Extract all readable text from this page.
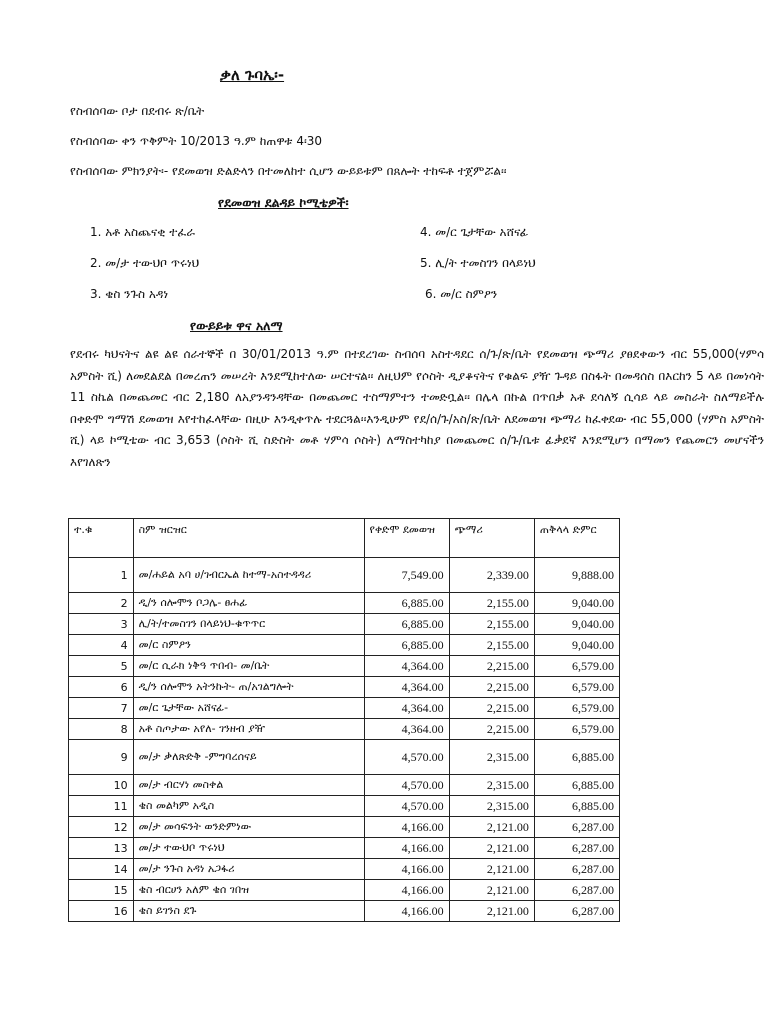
ቃለ ጉባኤ፡-
የስብሰባው ቦታ በደብሩ ጽ/ቤት
የስብሰባው ቀን ጥቅምት 10/2013 ዓ.ም ከጠዋቱ 4፡30
የስብሰባው ምክንያት፡- የደመወዝ ድልድላን በተመለከተ ሲሆን ውይይቱም በጸሎት ተከፍቶ ተጀምሯል፡፡
የደመወዝ ደልዳይ ኮሚቴዎች፡
1. አቶ አስጨናቂ ተፈራ
2. መ/ታ ተውህቦ ጥሩነህ
3. ቄስ ንጉስ አዳነ
4. መ/ር ጌታቸው አሸናፊ
5. ሊ/ት ተመስገን በላይነህ
6. መ/ር ስምዖን
የውይይቱ ዋና አለማ
የደብሩ ካህናትና ልዩ ልዩ ሰራተኞች በ 30/01/2013 ዓ.ም በተደረገው ስብሰባ አስተዳደር ሰ/ጉ/ጽ/ቤት የደመወዝ ጭማሪ ያፀደቀውን ብር 55,000(ሃምሳ አምስት ሺ) ለመደልደል በመረጠን መሠረት እንደሚከተለው ሠርተናል፡፡ ለዚህም የሶስት ዲያቆናትና የቁልፍ ያዥ ጉዳይ በስፋት በመዳሰስ በእርከን 5 ላይ በመነሳት 11 ስኬል በመጨመር ብር 2,180 ለአያንዳንዳቸው በመጨመር ተስማምተን ተመድቧል፡፡ በሌላ በኩል በጥበቃ አቶ ደሳለኝ ሲሳይ ላይ መስራት ስለማይችሉ በቀድሞ ግማሽ ደመወዝ እየተከፈላቸው በዚሁ እንዲቀጥሉ ተደርጓል፡፡እንዲሁም የደ/ሰ/ጉ/አስ/ጽ/ቤት ለደመወዝ ጭማሪ ከፈቀደው ብር 55,000 (ሃምስ አምስት ሺ) ላይ ኮሚቴው ብር 3,653 (ሶስት ሺ ስድስት መቶ ሃምሳ ሶስት) ለማስተካከያ በመጨመር ሰ/ጉ/ቤቱ ፊቃደኛ እንደሚሆን በማመን የጨመርን መሆናችን እየገለጽን
ተ.ቁ	ስም ዝርዝር	የቀድሞ ደመወዝ	ጭማሪ	ጠቅላላ ድምር
1	መ/ሐይል አባ ሀ/ገብርኤል ከተማ-አስተዳዳሪ	7,549.00	2,339.00	9,888.00
2	ዲ/ን ሰሎሞን ቦጋሌ- ፀሐፊ	6,885.00	2,155.00	9,040.00
3	ሊ/ት/ተመስገን በላይነህ-ቁጥጥር	6,885.00	2,155.00	9,040.00
4	መ/ር ስምዖን	6,885.00	2,155.00	9,040.00
5	መ/ር ሲራክ ነቅዓ ጥበብ- መ/ቤት	4,364.00	2,215.00	6,579.00
6	ዲ/ን ሰሎሞን አትንኩት- ጠ/አገልግሎት	4,364.00	2,215.00	6,579.00
7	መ/ር ጌታቸው አሸናፊ-	4,364.00	2,215.00	6,579.00
8	አቶ ስጦታው አየለ- ገንዘብ ያዥ	4,364.00	2,215.00	6,579.00
9	መ/ታ ቃለጽድቅ -ምግባረሰናይ	4,570.00	2,315.00	6,885.00
10	መ/ታ ብርሃነ መስቀል	4,570.00	2,315.00	6,885.00
11	ቄስ መልካም አዲስ	4,570.00	2,315.00	6,885.00
12	መ/ታ መሳፍንት ወንድምነው	4,166.00	2,121.00	6,287.00
13	መ/ታ ተውህቦ ጥሩነህ	4,166.00	2,121.00	6,287.00
14	መ/ታ ንጉስ አዳነ አጋፋሪ	4,166.00	2,121.00	6,287.00
15	ቄስ ብርሀን አለም ቄሰ ገበዝ	4,166.00	2,121.00	6,287.00
16	ቄስ ይገንስ ደጉ	4,166.00	2,121.00	6,287.00
